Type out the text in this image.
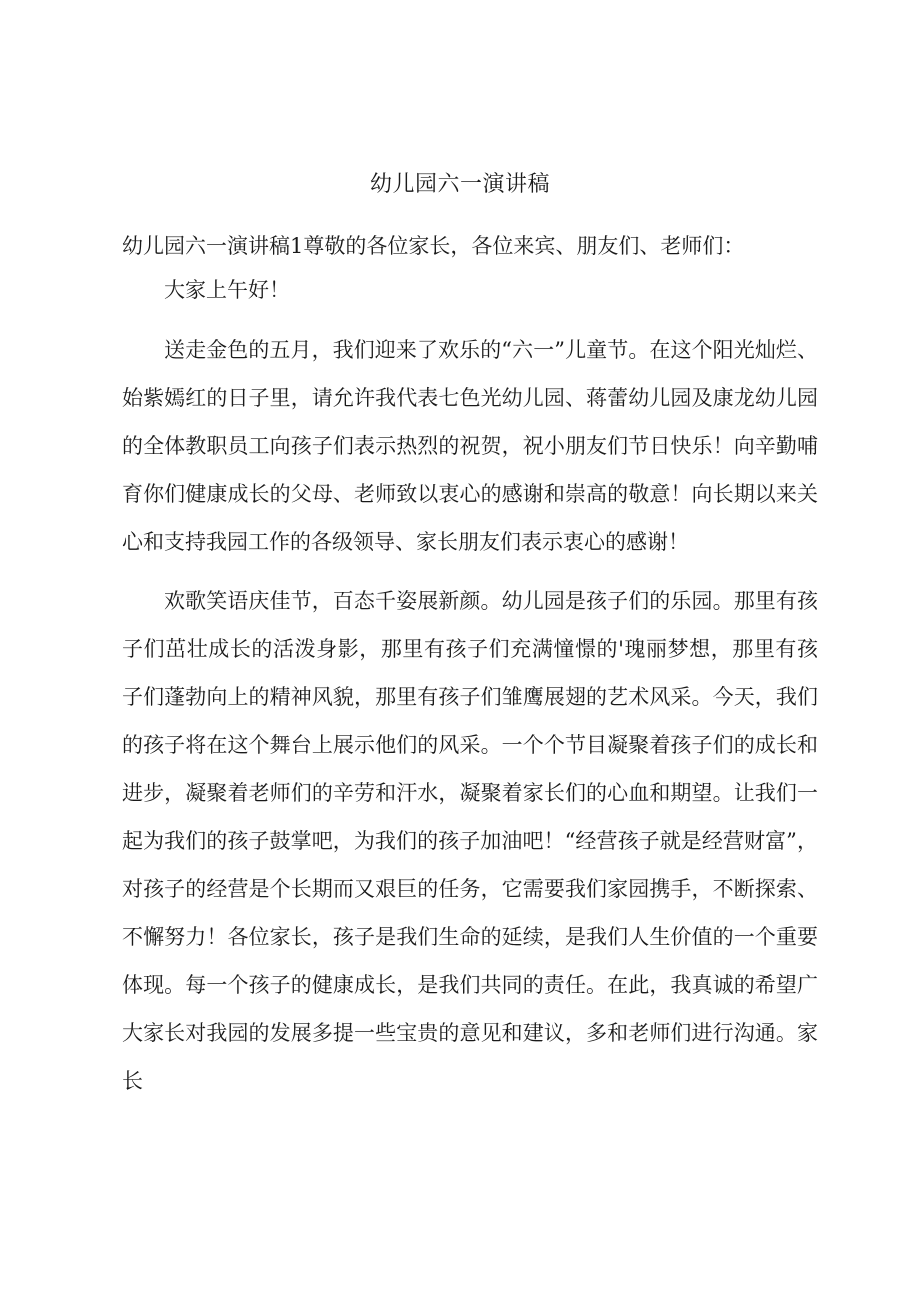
幼儿园六一演讲稿

幼儿园六一演讲稿1尊敬的各位家长，各位来宾、朋友们、老师们：

大家上午好！

送走金色的五月，我们迎来了欢乐的“六一”儿童节。在这个阳光灿烂、始紫嫣红的日子里，请允许我代表七色光幼儿园、蒋蕾幼儿园及康龙幼儿园的全体教职员工向孩子们表示热烈的祝贺，祝小朋友们节日快乐！向辛勤哺育你们健康成长的父母、老师致以衷心的感谢和崇高的敬意！向长期以来关心和支持我园工作的各级领导、家长朋友们表示衷心的感谢！

欢歌笑语庆佳节，百态千姿展新颜。幼儿园是孩子们的乐园。那里有孩子们茁壮成长的活泼身影，那里有孩子们充满憧憬的'瑰丽梦想，那里有孩子们蓬勃向上的精神风貌，那里有孩子们雏鹰展翅的艺术风采。今天，我们的孩子将在这个舞台上展示他们的风采。一个个节目凝聚着孩子们的成长和进步，凝聚着老师们的辛劳和汗水，凝聚着家长们的心血和期望。让我们一起为我们的孩子鼓掌吧，为我们的孩子加油吧！“经营孩子就是经营财富”，对孩子的经营是个长期而又艰巨的任务，它需要我们家园携手，不断探索、不懈努力！各位家长，孩子是我们生命的延续，是我们人生价值的一个重要体现。每一个孩子的健康成长，是我们共同的责任。在此，我真诚的希望广大家长对我园的发展多提一些宝贵的意见和建议，多和老师们进行沟通。家长
